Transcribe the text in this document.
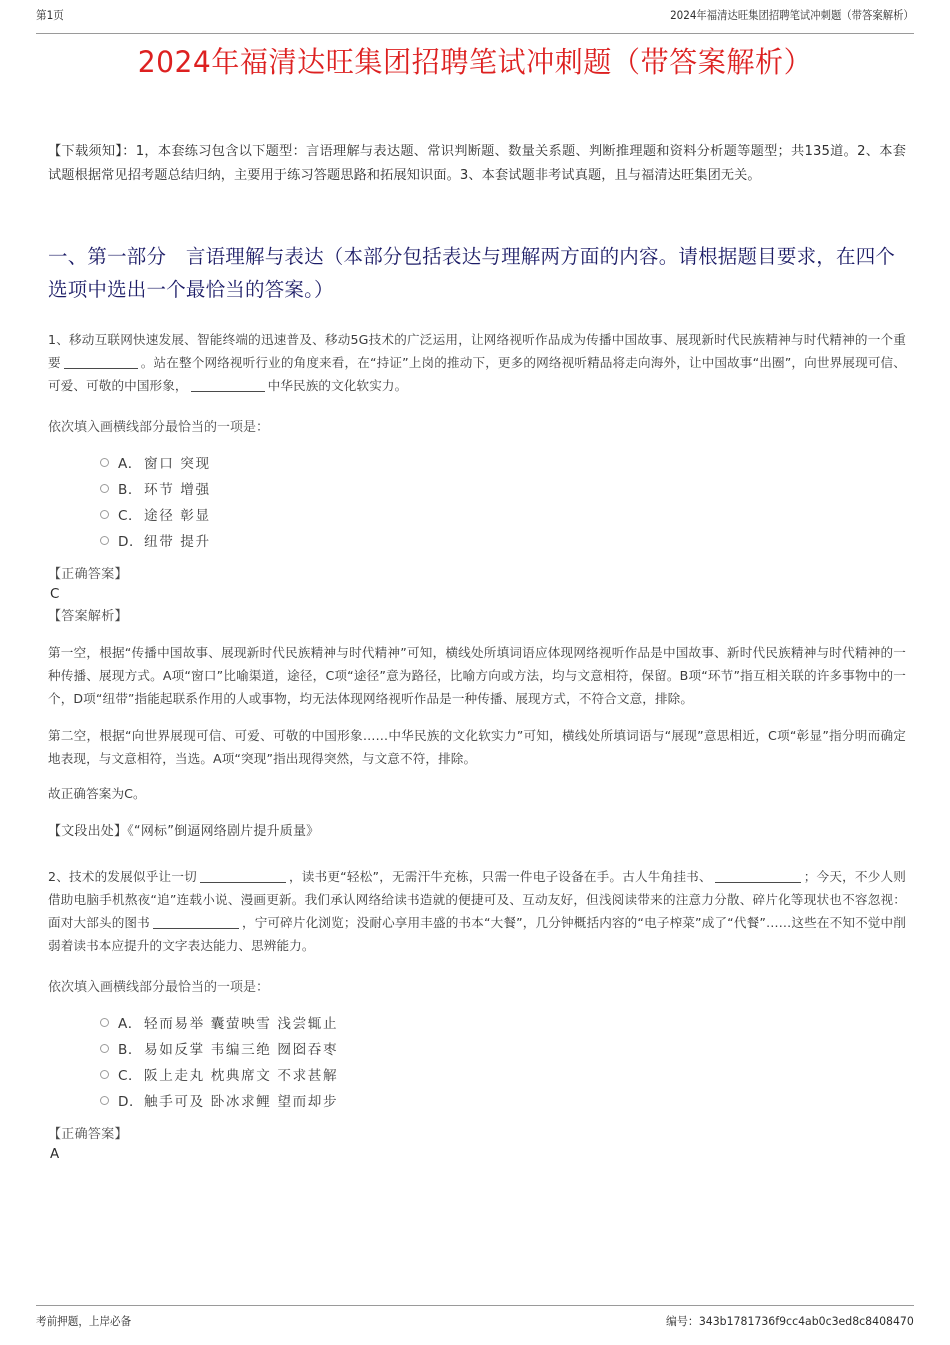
第1页	2024年福清达旺集团招聘笔试冲刺题（带答案解析）
2024年福清达旺集团招聘笔试冲刺题（带答案解析）
【下载须知】：1，本套练习包含以下题型：言语理解与表达题、常识判断题、数量关系题、判断推理题和资料分析题等题型；共135道。2、本套试题根据常见招考题总结归纳，主要用于练习答题思路和拓展知识面。3、本套试题非考试真题，且与福清达旺集团无关。
一、第一部分　言语理解与表达（本部分包括表达与理解两方面的内容。请根据题目要求，在四个选项中选出一个最恰当的答案。）
1、移动互联网快速发展、智能终端的迅速普及、移动5G技术的广泛运用，让网络视听作品成为传播中国故事、展现新时代民族精神与时代精神的一个重要	。站在整个网络视听行业的角度来看，在“持证”上岗的推动下，更多的网络视听精品将走向海外，让中国故事“出圈”，向世界展现可信、可爱、可敬的中国形象，	中华民族的文化软实力。
依次填入画横线部分最恰当的一项是：
A． 窗口 突现
B． 环节 增强
C． 途径 彰显
D． 纽带 提升
【正确答案】
C
【答案解析】
第一空，根据“传播中国故事、展现新时代民族精神与时代精神”可知，横线处所填词语应体现网络视听作品是中国故事、新时代民族精神与时代精神的一种传播、展现方式。A项“窗口”比喻渠道，途径，C项“途径”意为路径，比喻方向或方法，均与文意相符，保留。B项“环节”指互相关联的许多事物中的一个，D项“纽带”指能起联系作用的人或事物，均无法体现网络视听作品是一种传播、展现方式，不符合文意，排除。
第二空，根据“向世界展现可信、可爱、可敬的中国形象……中华民族的文化软实力”可知，横线处所填词语与“展现”意思相近，C项“彰显”指分明而确定地表现，与文意相符，当选。A项“突现”指出现得突然，与文意不符，排除。
故正确答案为C。
【文段出处】《“网标”倒逼网络剧片提升质量》
2、技术的发展似乎让一切	，读书更“轻松”，无需汗牛充栋，只需一件电子设备在手。古人牛角挂书、	；今天，不少人则借助电脑手机熬夜“追”连载小说、漫画更新。我们承认网络给读书造就的便捷可及、互动友好，但浅阅读带来的注意力分散、碎片化等现状也不容忽视：面对大部头的图书	，宁可碎片化浏览；没耐心享用丰盛的书本“大餐”，几分钟概括内容的“电子榨菜”成了“代餐”……这些在不知不觉中削弱着读书本应提升的文字表达能力、思辨能力。
依次填入画横线部分最恰当的一项是：
A． 轻而易举 囊萤映雪 浅尝辄止
B． 易如反掌 韦编三绝 囫囵吞枣
C． 阪上走丸 枕典席文 不求甚解
D． 触手可及 卧冰求鲤 望而却步
【正确答案】
A
考前押题，上岸必备	编号：343b1781736f9cc4ab0c3ed8c8408470
